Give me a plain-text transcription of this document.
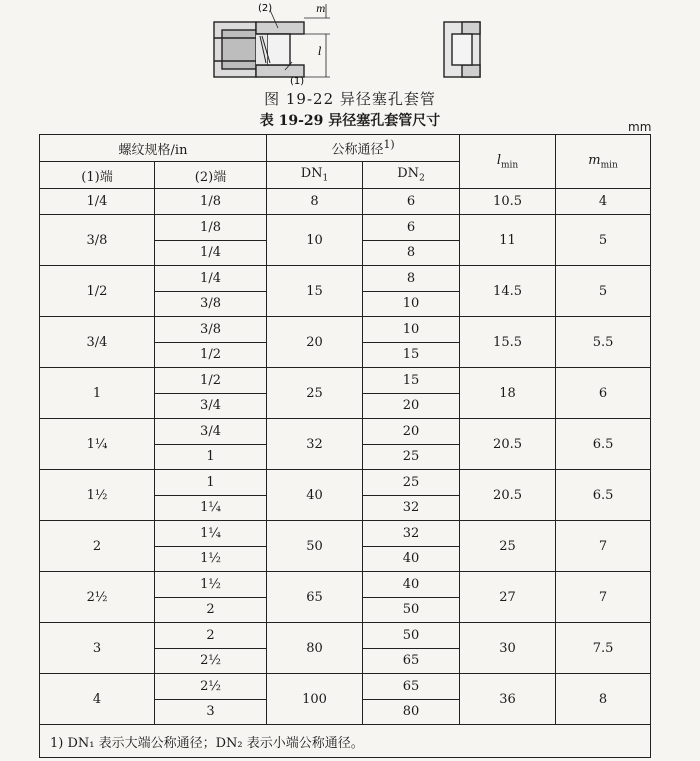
(2)
(1)
m
l
图 19-22 异径塞孔套管
表 19-29 异径塞孔套管尺寸	mm
螺纹规格/in		公称通径$^{1)}$		$l_{min}$	$m_{min}$
(1)端	(2)端	$DN_1$	$DN_2$
1/4	1/8	8	6	10.5	4
3/8	1/8	10	6	11	5
	1/4		8		
1/2	1/4	15	8	14.5	5
	3/8		10		
3/4	3/8	20	10	15.5	5.5
	1/2		15		
1	1/2	25	15	18	6
	3/4		20		
1¼	3/4	32	20	20.5	6.5
	1		25		
1½	1	40	25	20.5	6.5
	1¼		32		
2	1¼	50	32	25	7
	1½		40		
2½	1½	65	40	27	7
	2		50		
3	2	80	50	30	7.5
	2½		65		
4	2½	100	65	36	8
	3		80		
1) DN₁ 表示大端公称通径；DN₂ 表示小端公称通径。					
